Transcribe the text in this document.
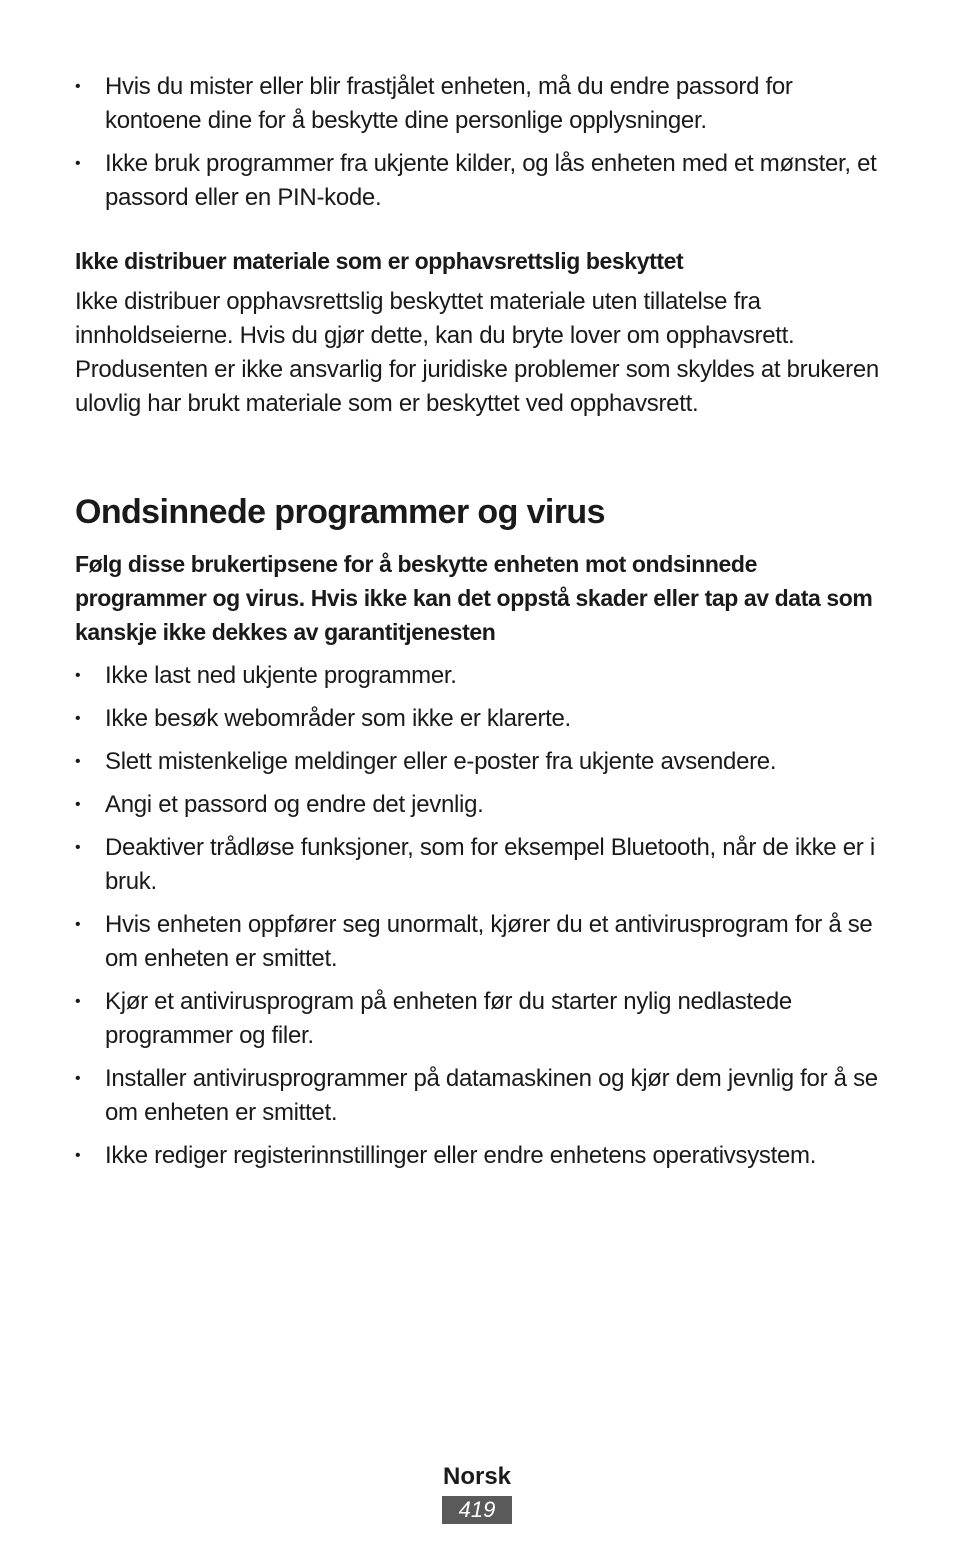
•	Hvis du mister eller blir frastjålet enheten, må du endre passord for kontoene dine for å beskytte dine personlige opplysninger.
•	Ikke bruk programmer fra ukjente kilder, og lås enheten med et mønster, et passord eller en PIN-kode.
Ikke distribuer materiale som er opphavsrettslig beskyttet

Ikke distribuer opphavsrettslig beskyttet materiale uten tillatelse fra innholdseierne. Hvis du gjør dette, kan du bryte lover om opphavsrett. Produsenten er ikke ansvarlig for juridiske problemer som skyldes at brukeren ulovlig har brukt materiale som er beskyttet ved opphavsrett.

Ondsinnede programmer og virus

Følg disse brukertipsene for å beskytte enheten mot ondsinnede programmer og virus. Hvis ikke kan det oppstå skader eller tap av data som kanskje ikke dekkes av garantitjenesten

•	Ikke last ned ukjente programmer.
•	Ikke besøk webområder som ikke er klarerte.
•	Slett mistenkelige meldinger eller e-poster fra ukjente avsendere.
•	Angi et passord og endre det jevnlig.
•	Deaktiver trådløse funksjoner, som for eksempel Bluetooth, når de ikke er i bruk.
•	Hvis enheten oppfører seg unormalt, kjører du et antivirusprogram for å se om enheten er smittet.
•	Kjør et antivirusprogram på enheten før du starter nylig nedlastede programmer og filer.
•	Installer antivirusprogrammer på datamaskinen og kjør dem jevnlig for å se om enheten er smittet.
•	Ikke rediger registerinnstillinger eller endre enhetens operativsystem.
Norsk
419
